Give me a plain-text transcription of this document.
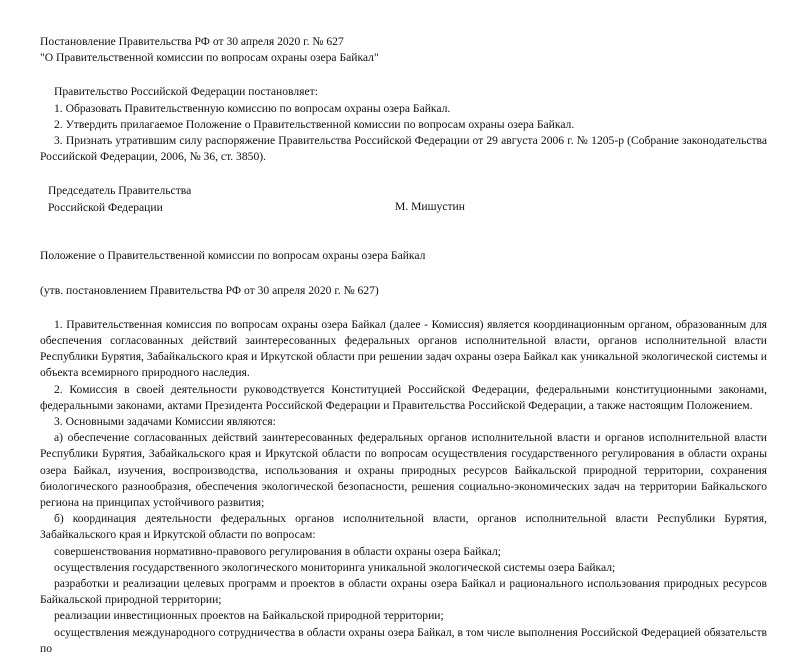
Постановление Правительства РФ от 30 апреля 2020 г. № 627
"О Правительственной комиссии по вопросам охраны озера Байкал"
Правительство Российской Федерации постановляет:
1. Образовать Правительственную комиссию по вопросам охраны озера Байкал.
2. Утвердить прилагаемое Положение о Правительственной комиссии по вопросам охраны озера Байкал.

3. Признать утратившим силу распоряжение Правительства Российской Федерации от 29 августа 2006 г. № 1205-р (Собрание законодательства Российской Федерации, 2006, № 36, ст. 3850).

Председатель Правительства
Российской Федерации	М. Мишустин
Положение о Правительственной комиссии по вопросам охраны озера Байкал
(утв. постановлением Правительства РФ от 30 апреля 2020 г. № 627)

1. Правительственная комиссия по вопросам охраны озера Байкал (далее - Комиссия) является координационным органом, образованным для обеспечения согласованных действий заинтересованных федеральных органов исполнительной власти, органов исполнительной власти Республики Бурятия, Забайкальского края и Иркутской области при решении задач охраны озера Байкал как уникальной экологической системы и объекта всемирного природного наследия.

2. Комиссия в своей деятельности руководствуется Конституцией Российской Федерации, федеральными конституционными законами, федеральными законами, актами Президента Российской Федерации и Правительства Российской Федерации, а также настоящим Положением.

3. Основными задачами Комиссии являются:

а) обеспечение согласованных действий заинтересованных федеральных органов исполнительной власти и органов исполнительной власти Республики Бурятия, Забайкальского края и Иркутской области по вопросам осуществления государственного регулирования в области охраны озера Байкал, изучения, воспроизводства, использования и охраны природных ресурсов Байкальской природной территории, сохранения биологического разнообразия, обеспечения экологической безопасности, решения социально-экономических задач на территории Байкальского региона на принципах устойчивого развития;

б) координация деятельности федеральных органов исполнительной власти, органов исполнительной власти Республики Бурятия, Забайкальского края и Иркутской области по вопросам:

совершенствования нормативно-правового регулирования в области охраны озера Байкал;

осуществления государственного экологического мониторинга уникальной экологической системы озера Байкал;

разработки и реализации целевых программ и проектов в области охраны озера Байкал и рационального использования природных ресурсов Байкальской природной территории;

реализации инвестиционных проектов на Байкальской природной территории;

осуществления международного сотрудничества в области охраны озера Байкал, в том числе выполнения Российской Федерацией обязательств по
